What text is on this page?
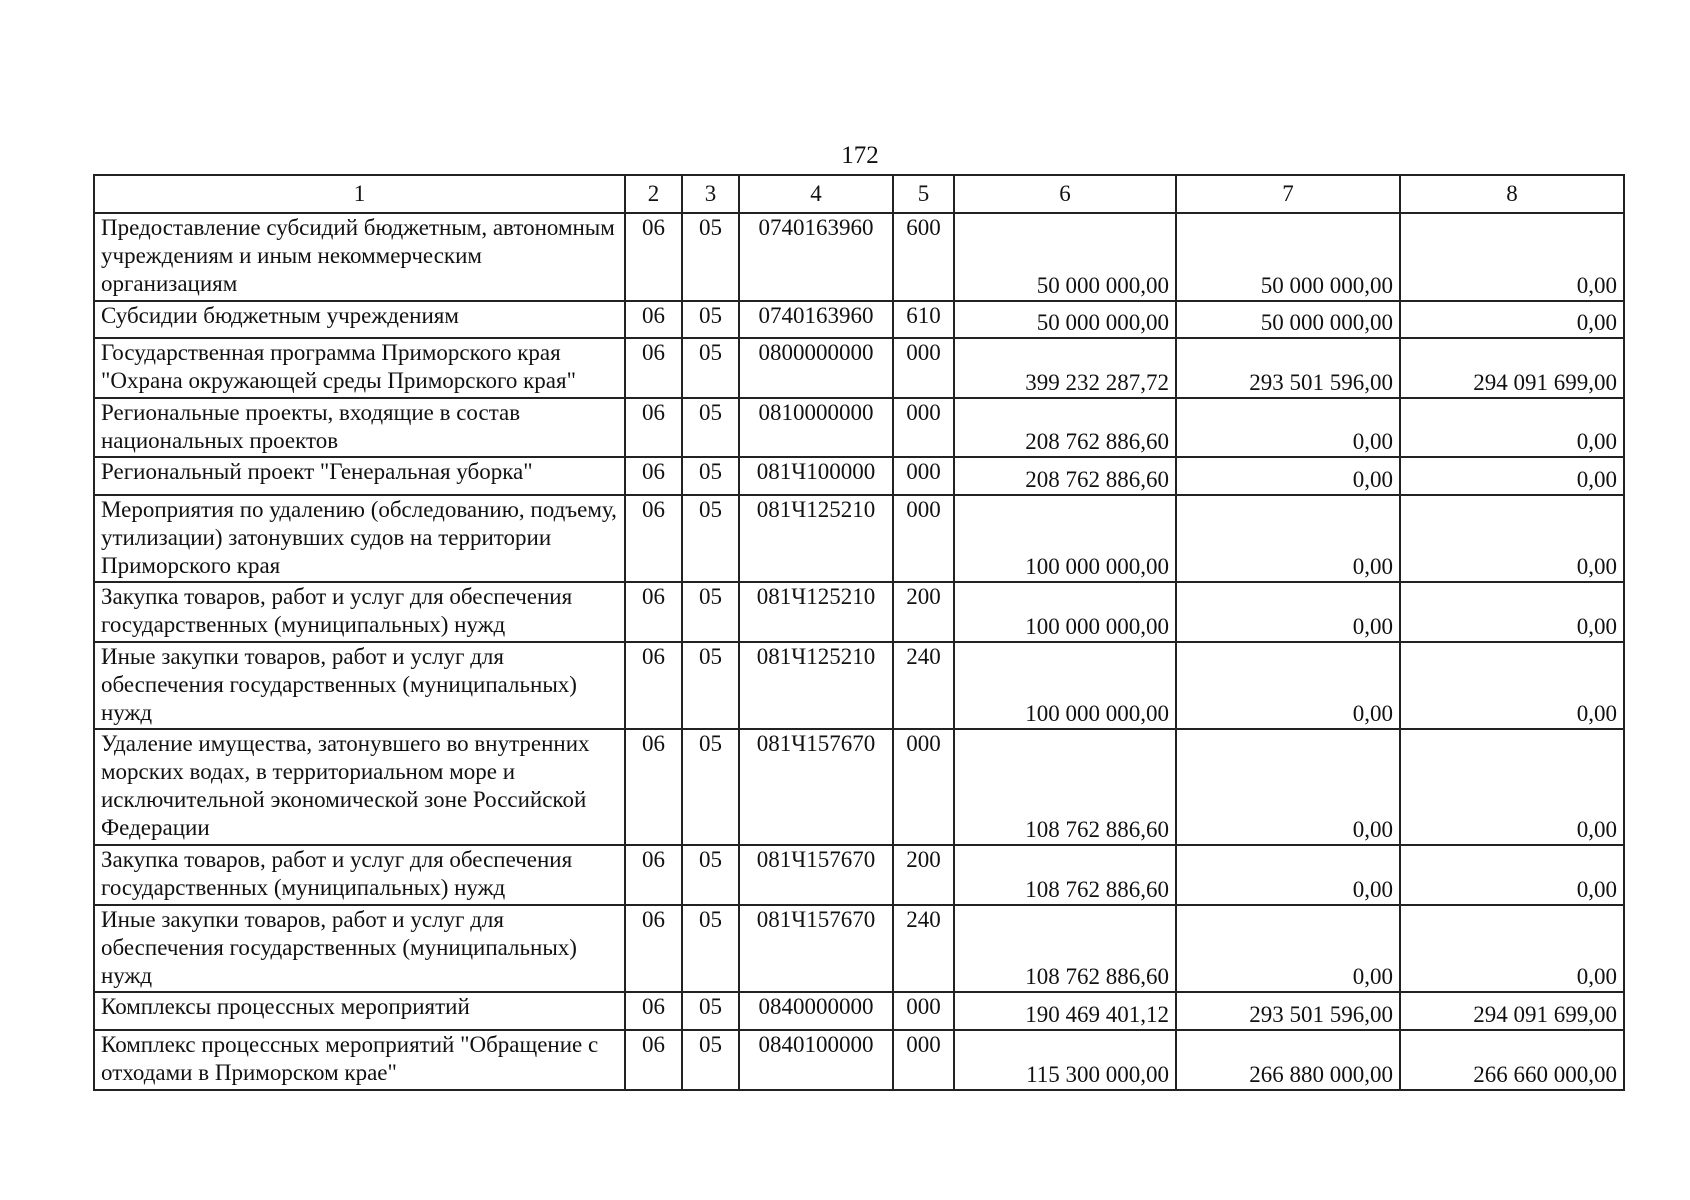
172
1	2	3	4	5	6	7	8
Предоставление субсидий бюджетным, автономным учреждениям и иным некоммерческим организациям	06	05	0740163960	600	50 000 000,00	50 000 000,00	0,00
Субсидии бюджетным учреждениям	06	05	0740163960	610	50 000 000,00	50 000 000,00	0,00
Государственная программа Приморского края "Охрана окружающей среды Приморского края"	06	05	0800000000	000	399 232 287,72	293 501 596,00	294 091 699,00
Региональные проекты, входящие в состав национальных проектов	06	05	0810000000	000	208 762 886,60	0,00	0,00
Региональный проект "Генеральная уборка"	06	05	081Ч100000	000	208 762 886,60	0,00	0,00
Мероприятия по удалению (обследованию, подъему, утилизации) затонувших судов на территории Приморского края	06	05	081Ч125210	000	100 000 000,00	0,00	0,00
Закупка товаров, работ и услуг для обеспечения государственных (муниципальных) нужд	06	05	081Ч125210	200	100 000 000,00	0,00	0,00
Иные закупки товаров, работ и услуг для обеспечения государственных (муниципальных) нужд	06	05	081Ч125210	240	100 000 000,00	0,00	0,00
Удаление имущества, затонувшего во внутренних морских водах, в территориальном море и исключительной экономической зоне Российской Федерации	06	05	081Ч157670	000	108 762 886,60	0,00	0,00
Закупка товаров, работ и услуг для обеспечения государственных (муниципальных) нужд	06	05	081Ч157670	200	108 762 886,60	0,00	0,00
Иные закупки товаров, работ и услуг для обеспечения государственных (муниципальных) нужд	06	05	081Ч157670	240	108 762 886,60	0,00	0,00
Комплексы процессных мероприятий	06	05	0840000000	000	190 469 401,12	293 501 596,00	294 091 699,00
Комплекс процессных мероприятий "Обращение с отходами в Приморском крае"	06	05	0840100000	000	115 300 000,00	266 880 000,00	266 660 000,00
